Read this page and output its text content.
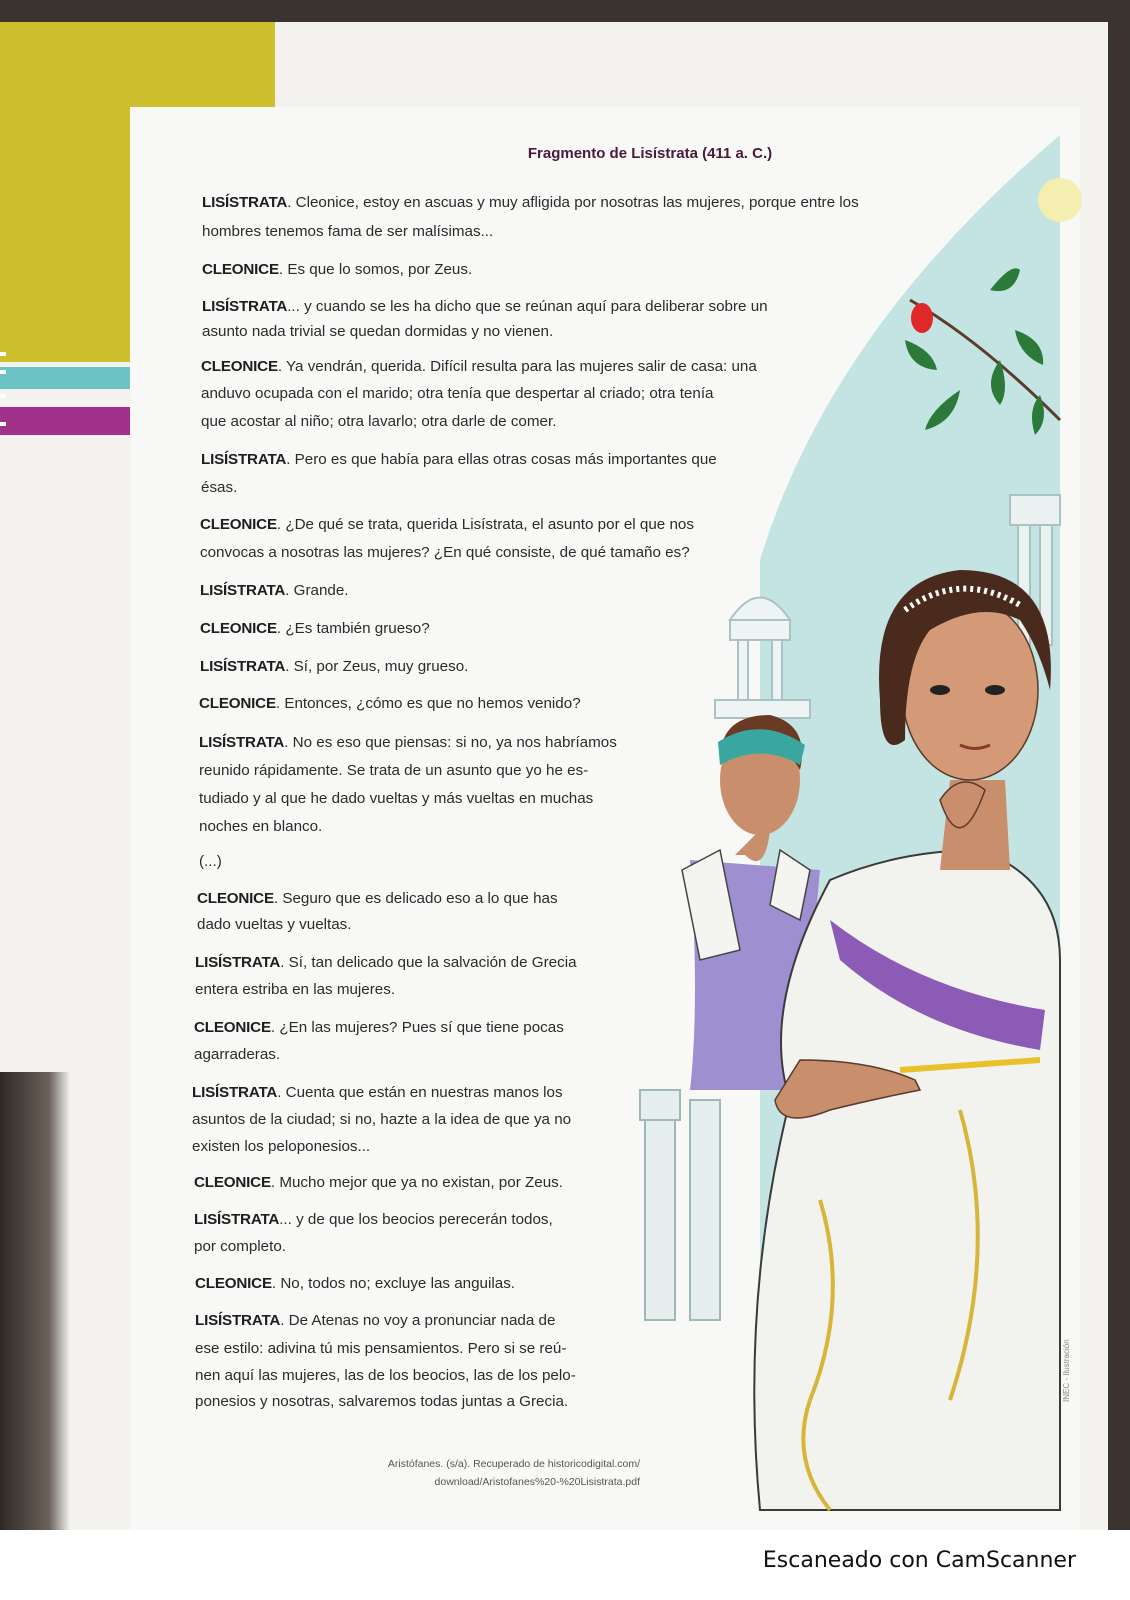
INEC - Ilustración
Fragmento de Lisístrata (411 a. C.)
LISÍSTRATA. Cleonice, estoy en ascuas y muy afligida por nosotras las mujeres, porque entre los
hombres tenemos fama de ser malísimas...
CLEONICE. Es que lo somos, por Zeus.
LISÍSTRATA... y cuando se les ha dicho que se reúnan aquí para deliberar sobre un
asunto nada trivial se quedan dormidas y no vienen.
CLEONICE. Ya vendrán, querida. Difícil resulta para las mujeres salir de casa: una
anduvo ocupada con el marido; otra tenía que despertar al criado; otra tenía
que acostar al niño; otra lavarlo; otra darle de comer.
LISÍSTRATA. Pero es que había para ellas otras cosas más importantes que
ésas.
CLEONICE. ¿De qué se trata, querida Lisístrata, el asunto por el que nos
convocas a nosotras las mujeres? ¿En qué consiste, de qué tamaño es?
LISÍSTRATA. Grande.
CLEONICE. ¿Es también grueso?
LISÍSTRATA. Sí, por Zeus, muy grueso.
CLEONICE. Entonces, ¿cómo es que no hemos venido?
LISÍSTRATA. No es eso que piensas: si no, ya nos habríamos
reunido rápidamente. Se trata de un asunto que yo he es-
tudiado y al que he dado vueltas y más vueltas en muchas
noches en blanco.
(...)
CLEONICE. Seguro que es delicado eso a lo que has
dado vueltas y vueltas.
LISÍSTRATA. Sí, tan delicado que la salvación de Grecia
entera estriba en las mujeres.
CLEONICE. ¿En las mujeres? Pues sí que tiene pocas
agarraderas.
LISÍSTRATA. Cuenta que están en nuestras manos los
asuntos de la ciudad; si no, hazte a la idea de que ya no
existen los peloponesios...
CLEONICE. Mucho mejor que ya no existan, por Zeus.
LISÍSTRATA... y de que los beocios perecerán todos,
por completo.
CLEONICE. No, todos no; excluye las anguilas.
LISÍSTRATA. De Atenas no voy a pronunciar nada de
ese estilo: adivina tú mis pensamientos. Pero si se reú-
nen aquí las mujeres, las de los beocios, las de los pelo-
ponesios y nosotras, salvaremos todas juntas a Grecia.
Aristófanes. (s/a). Recuperado de historicodigital.com/
download/Aristofanes%20-%20Lisistrata.pdf
Escaneado con CamScanner
